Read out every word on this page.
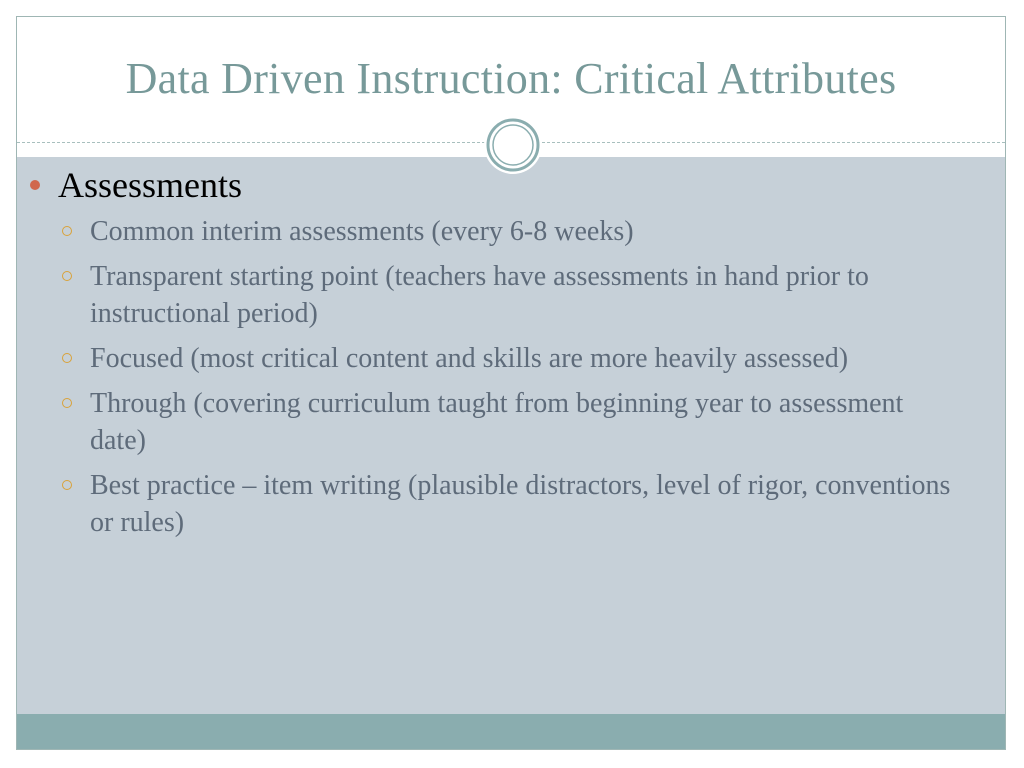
Data Driven Instruction: Critical Attributes
Assessments
Common interim assessments (every 6-8 weeks)
Transparent starting point (teachers have assessments in hand prior to instructional period)
Focused (most critical content and skills are more heavily assessed)
Through (covering curriculum taught from beginning year to assessment date)
Best practice – item writing (plausible distractors, level of rigor, conventions or rules)
